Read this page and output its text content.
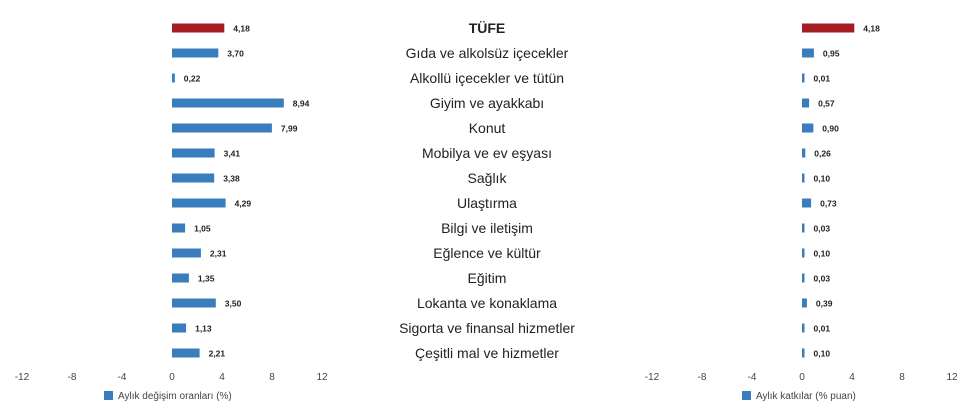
TÜFE
Gıda ve alkolsüz içecekler
Alkollü içecekler ve tütün
Giyim ve ayakkabı
Konut
Mobilya ve ev eşyası
Sağlık
Ulaştırma
Bilgi ve iletişim
Eğlence ve kültür
Eğitim
Lokanta ve konaklama
Sigorta ve finansal hizmetler
Çeşitli mal ve hizmetler
4,18
3,70
0,22
8,94
7,99
3,41
3,38
4,29
1,05
2,31
1,35
3,50
1,13
2,21
-12	-8	-4	0	4	8	12
Aylık değişim oranları (%)
4,18
0,95
0,01
0,57
0,90
0,26
0,10
0,73
0,03
0,10
0,03
0,39
0,01
0,10
-12	-8	-4	0	4	8	12
Aylık katkılar (% puan)
